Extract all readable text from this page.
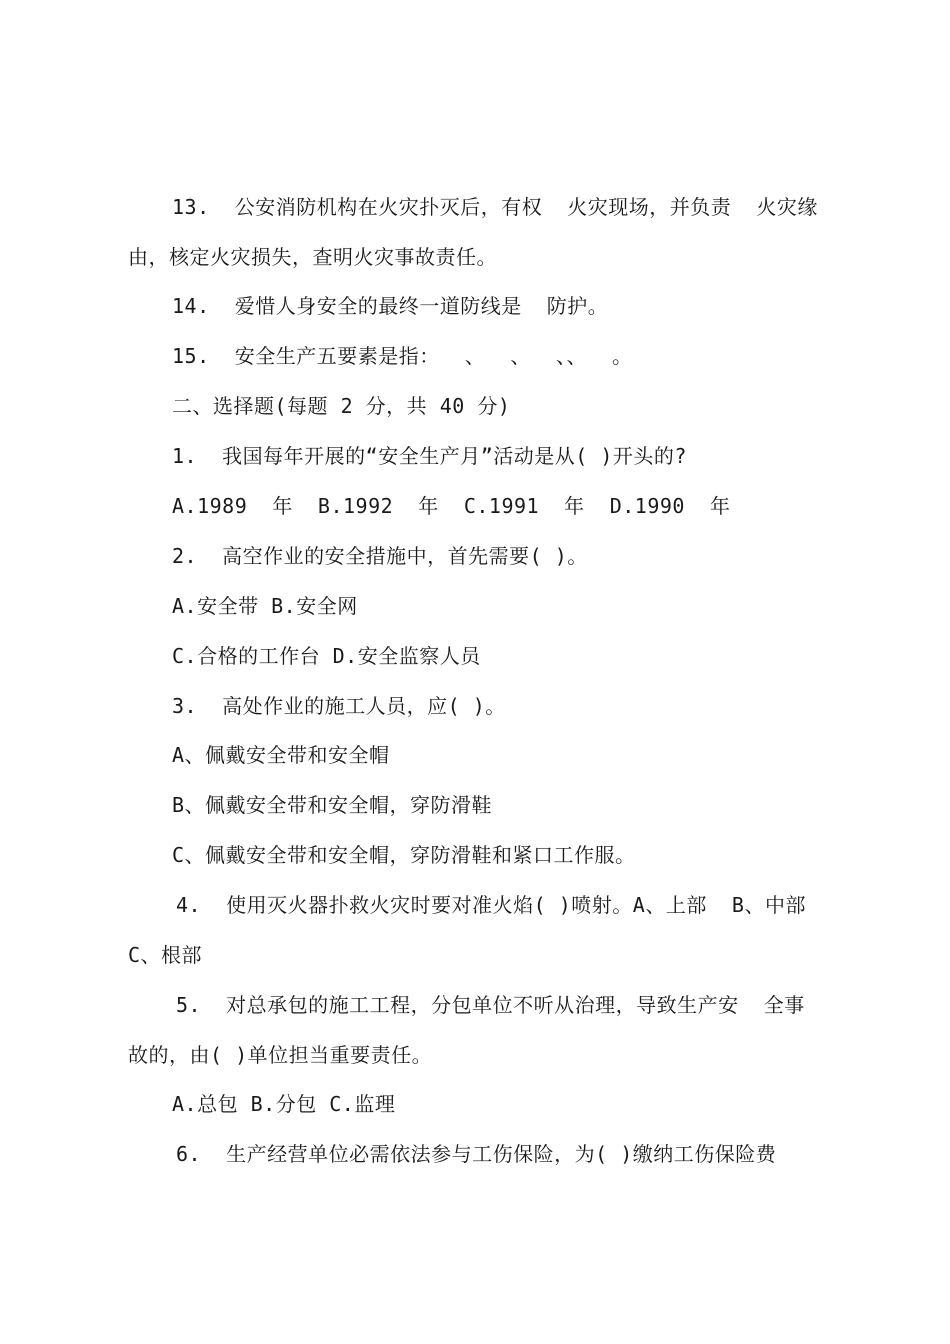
13.  公安消防机构在火灾扑灭后，有权  火灾现场，并负责  火灾缘
由，核定火灾损失，查明火灾事故责任。
14.  爱惜人身安全的最终一道防线是  防护。
15.  安全生产五要素是指：  、  、  、、  。
二、选择题(每题 2 分，共 40 分)
1.  我国每年开展的“安全生产月”活动是从( )开头的?
A.1989  年  B.1992  年  C.1991  年  D.1990  年
2.  高空作业的安全措施中，首先需要( )。
A.安全带 B.安全网
C.合格的工作台 D.安全监察人员
3.  高处作业的施工人员，应( )。
A、佩戴安全带和安全帽
B、佩戴安全带和安全帽，穿防滑鞋
C、佩戴安全带和安全帽，穿防滑鞋和紧口工作服。
4.  使用灭火器扑救火灾时要对准火焰( )喷射。A、上部  B、中部
C、根部
5.  对总承包的施工工程，分包单位不听从治理，导致生产安  全事
故的，由( )单位担当重要责任。
A.总包 B.分包 C.监理
6.  生产经营单位必需依法参与工伤保险，为( )缴纳工伤保险费
